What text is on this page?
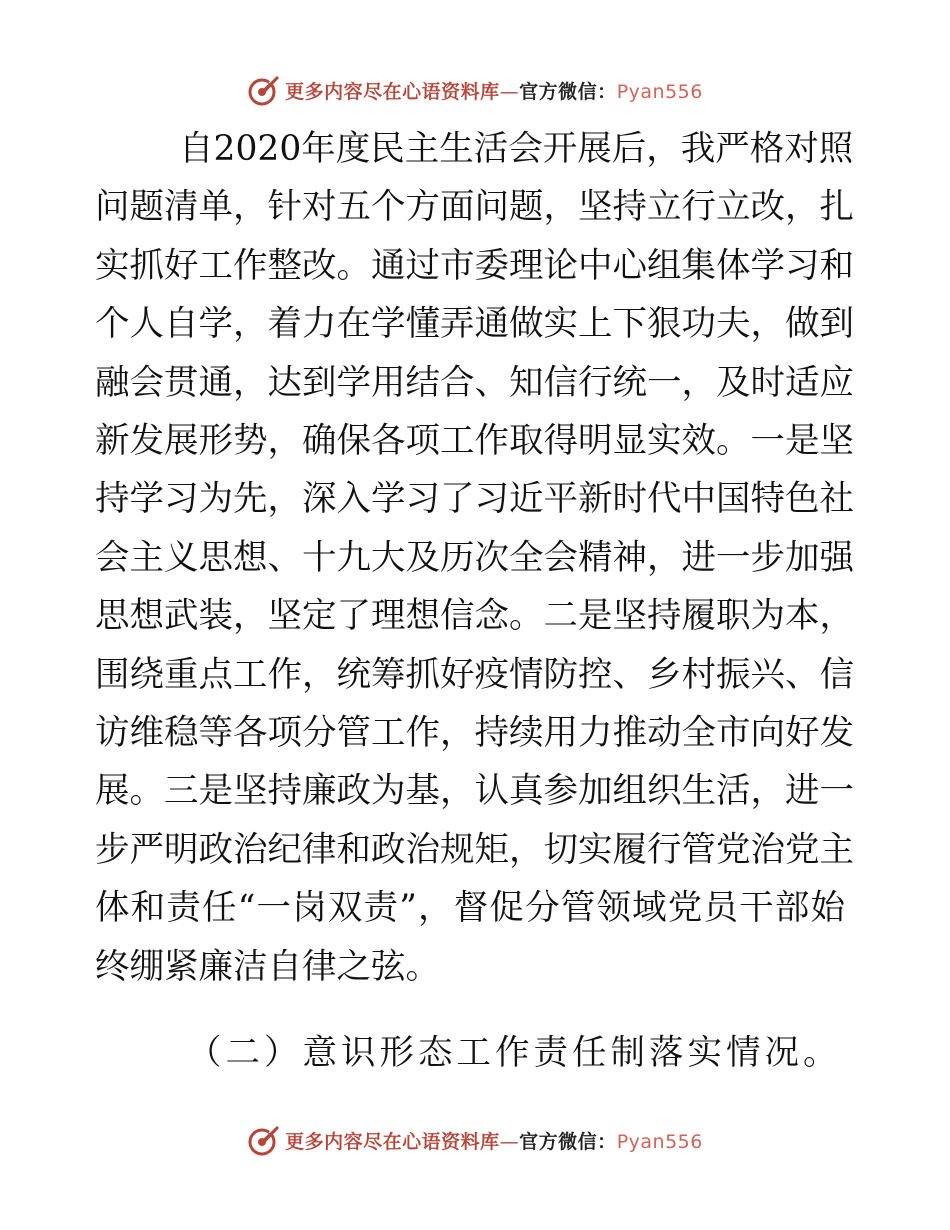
更多内容尽在心语资料库—官方微信：Pyan556

自2020年度民主生活会开展后，我严格对照
问题清单，针对五个方面问题，坚持立行立改，扎
实抓好工作整改。通过市委理论中心组集体学习和
个人自学，着力在学懂弄通做实上下狠功夫，做到
融会贯通，达到学用结合、知信行统一，及时适应
新发展形势，确保各项工作取得明显实效。一是坚
持学习为先，深入学习了习近平新时代中国特色社
会主义思想、十九大及历次全会精神，进一步加强
思想武装，坚定了理想信念。二是坚持履职为本，
围绕重点工作，统筹抓好疫情防控、乡村振兴、信
访维稳等各项分管工作，持续用力推动全市向好发
展。三是坚持廉政为基，认真参加组织生活，进一
步严明政治纪律和政治规矩，切实履行管党治党主
体和责任“一岗双责”，督促分管领域党员干部始
终绷紧廉洁自律之弦。

（二）意识形态工作责任制落实情况。

更多内容尽在心语资料库—官方微信：Pyan556
